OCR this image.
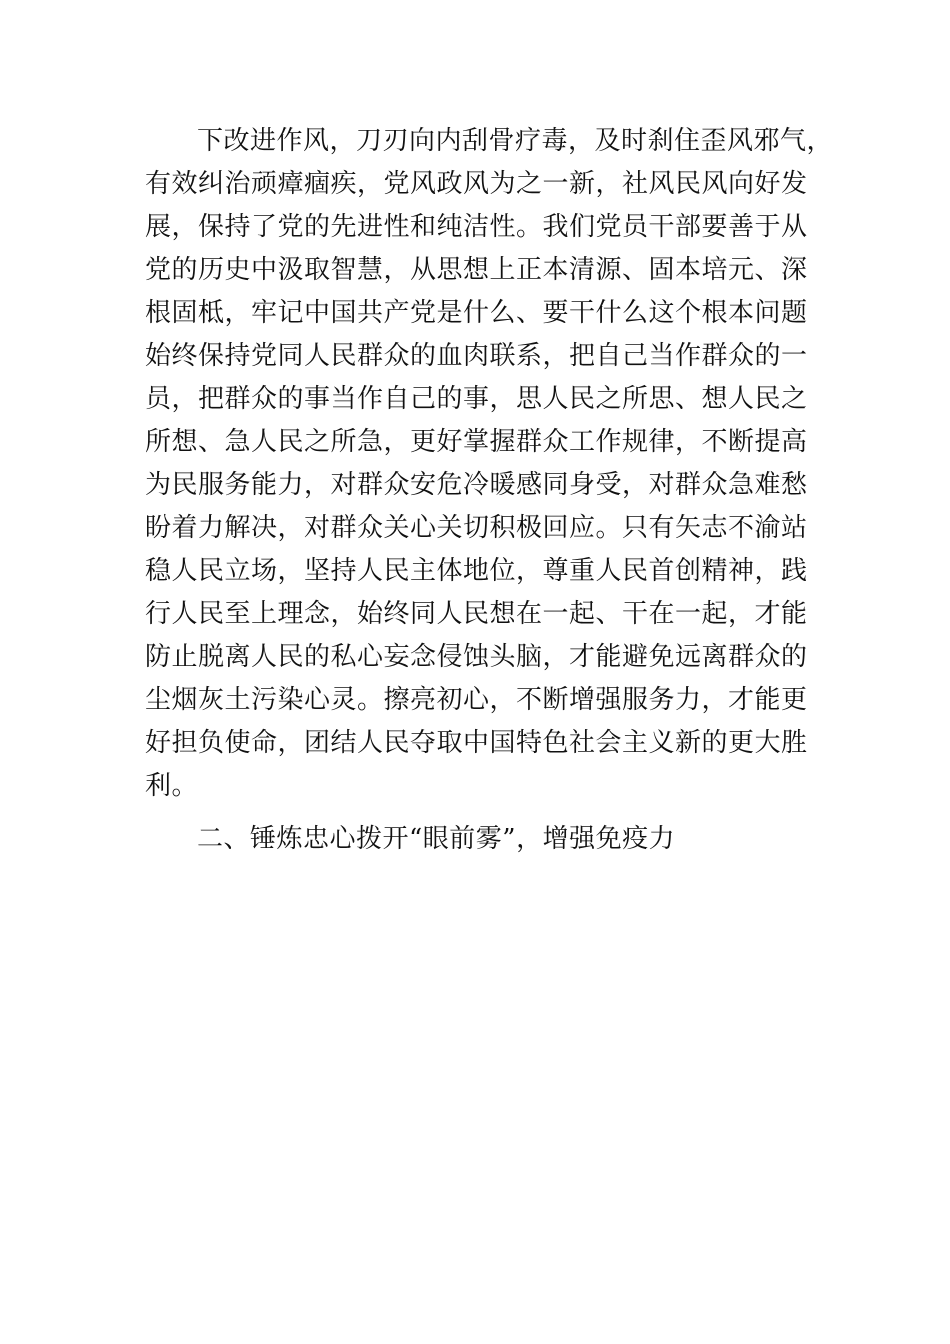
下改进作风，刀刃向内刮骨疗毒，及时刹住歪风邪气，
有效纠治顽瘴痼疾，党风政风为之一新，社风民风向好发
展，保持了党的先进性和纯洁性。我们党员干部要善于从
党的历史中汲取智慧，从思想上正本清源、固本培元、深
根固柢，牢记中国共产党是什么、要干什么这个根本问题
始终保持党同人民群众的血肉联系，把自己当作群众的一
员，把群众的事当作自己的事，思人民之所思、想人民之
所想、急人民之所急，更好掌握群众工作规律，不断提高
为民服务能力，对群众安危冷暖感同身受，对群众急难愁
盼着力解决，对群众关心关切积极回应。只有矢志不渝站
稳人民立场，坚持人民主体地位，尊重人民首创精神，践
行人民至上理念，始终同人民想在一起、干在一起，才能
防止脱离人民的私心妄念侵蚀头脑，才能避免远离群众的
尘烟灰土污染心灵。擦亮初心，不断增强服务力，才能更
好担负使命，团结人民夺取中国特色社会主义新的更大胜
利。
二、锤炼忠心拨开“眼前雾”，增强免疫力
